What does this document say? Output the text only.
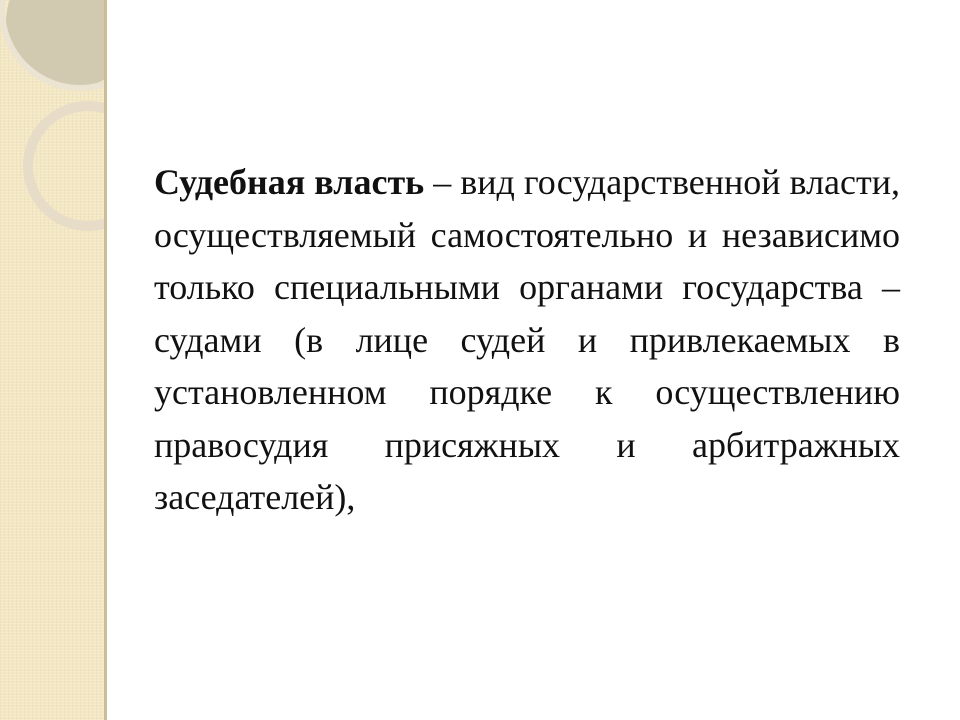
Судебная власть – вид государственной власти, осуществляемый самостоятельно и независимо только специальными органами государства – судами (в лице судей и привлекаемых в установленном порядке к осуществлению правосудия присяжных и арбитражных заседателей),
